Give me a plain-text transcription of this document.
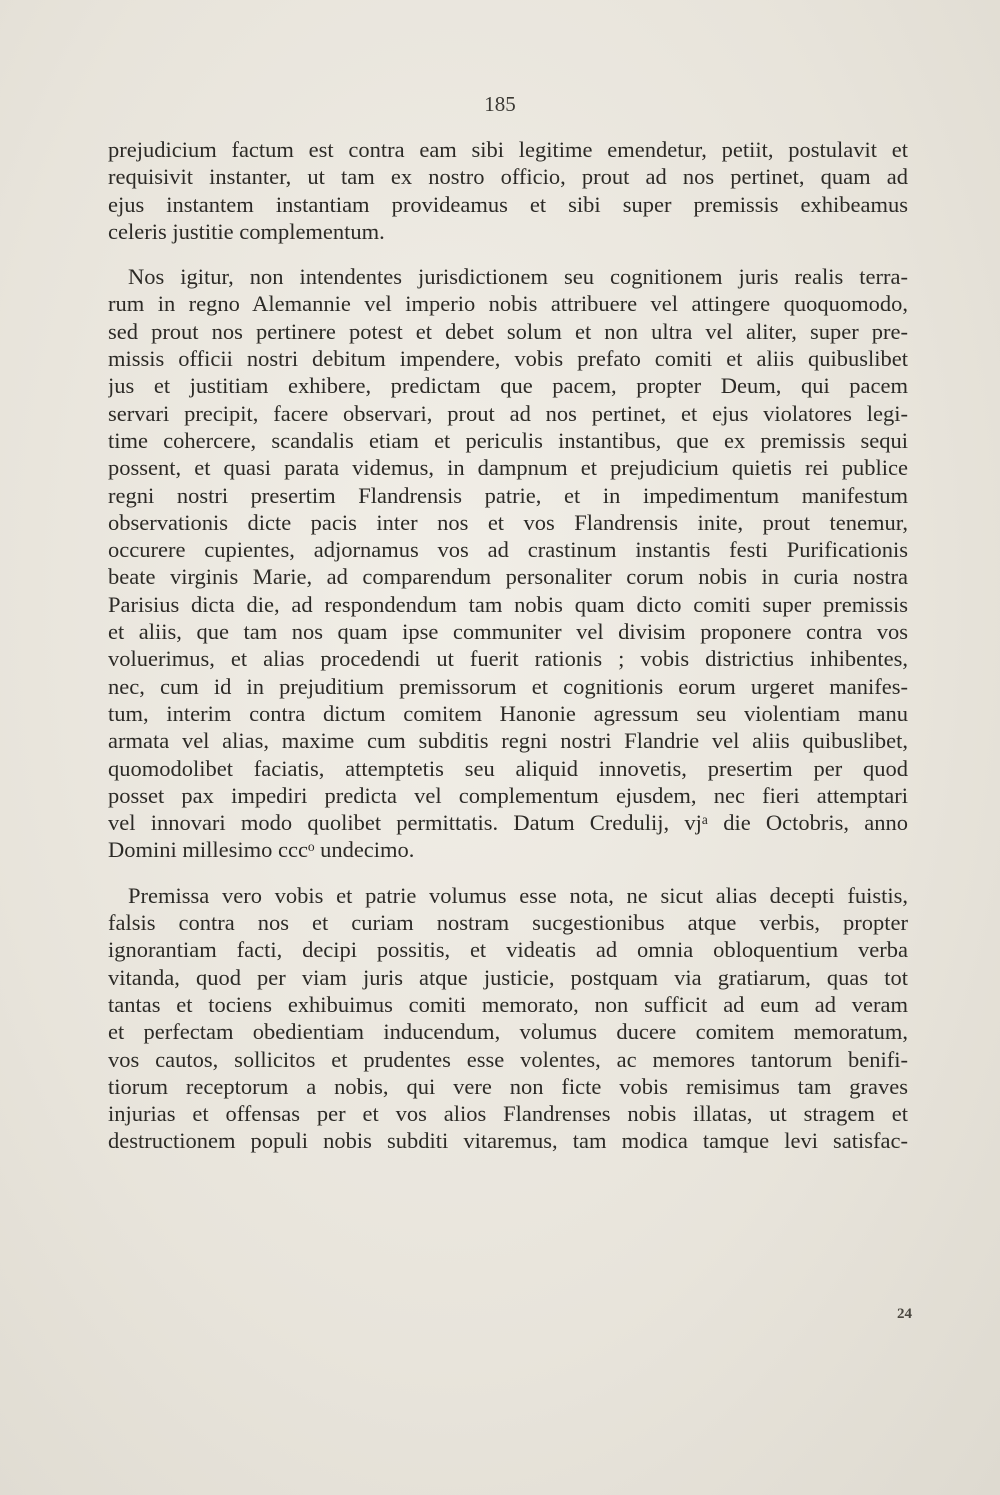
185
prejudicium factum est contra eam sibi legitime emendetur, petiit, postulavit et
requisivit instanter, ut tam ex nostro officio, prout ad nos pertinet, quam ad
ejus instantem instantiam provideamus et sibi super premissis exhibeamus
celeris justitie complementum.
Nos igitur, non intendentes jurisdictionem seu cognitionem juris realis terra-
rum in regno Alemannie vel imperio nobis attribuere vel attingere quoquomodo,
sed prout nos pertinere potest et debet solum et non ultra vel aliter, super pre-
missis officii nostri debitum impendere, vobis prefato comiti et aliis quibuslibet
jus et justitiam exhibere, predictam que pacem, propter Deum, qui pacem
servari precipit, facere observari, prout ad nos pertinet, et ejus violatores legi-
time cohercere, scandalis etiam et periculis instantibus, que ex premissis sequi
possent, et quasi parata videmus, in dampnum et prejudicium quietis rei publice
regni nostri presertim Flandrensis patrie, et in impedimentum manifestum
observationis dicte pacis inter nos et vos Flandrensis inite, prout tenemur,
occurere cupientes, adjornamus vos ad crastinum instantis festi Purificationis
beate virginis Marie, ad comparendum personaliter corum nobis in curia nostra
Parisius dicta die, ad respondendum tam nobis quam dicto comiti super premissis
et aliis, que tam nos quam ipse communiter vel divisim proponere contra vos
voluerimus, et alias procedendi ut fuerit rationis ; vobis districtius inhibentes,
nec, cum id in prejuditium premissorum et cognitionis eorum urgeret manifes-
tum, interim contra dictum comitem Hanonie agressum seu violentiam manu
armata vel alias, maxime cum subditis regni nostri Flandrie vel aliis quibuslibet,
quomodolibet faciatis, attemptetis seu aliquid innovetis, presertim per quod
posset pax impediri predicta vel complementum ejusdem, nec fieri attemptari
vel innovari modo quolibet permittatis. Datum Credulij, vjᵃ die Octobris, anno
Domini millesimo cccᵒ undecimo.
Premissa vero vobis et patrie volumus esse nota, ne sicut alias decepti fuistis,
falsis contra nos et curiam nostram sucgestionibus atque verbis, propter
ignorantiam facti, decipi possitis, et videatis ad omnia obloquentium verba
vitanda, quod per viam juris atque justicie, postquam via gratiarum, quas tot
tantas et tociens exhibuimus comiti memorato, non sufficit ad eum ad veram
et perfectam obedientiam inducendum, volumus ducere comitem memoratum,
vos cautos, sollicitos et prudentes esse volentes, ac memores tantorum benifi-
tiorum receptorum a nobis, qui vere non ficte vobis remisimus tam graves
injurias et offensas per et vos alios Flandrenses nobis illatas, ut stragem et
destructionem populi nobis subditi vitaremus, tam modica tamque levi satisfac-
24
